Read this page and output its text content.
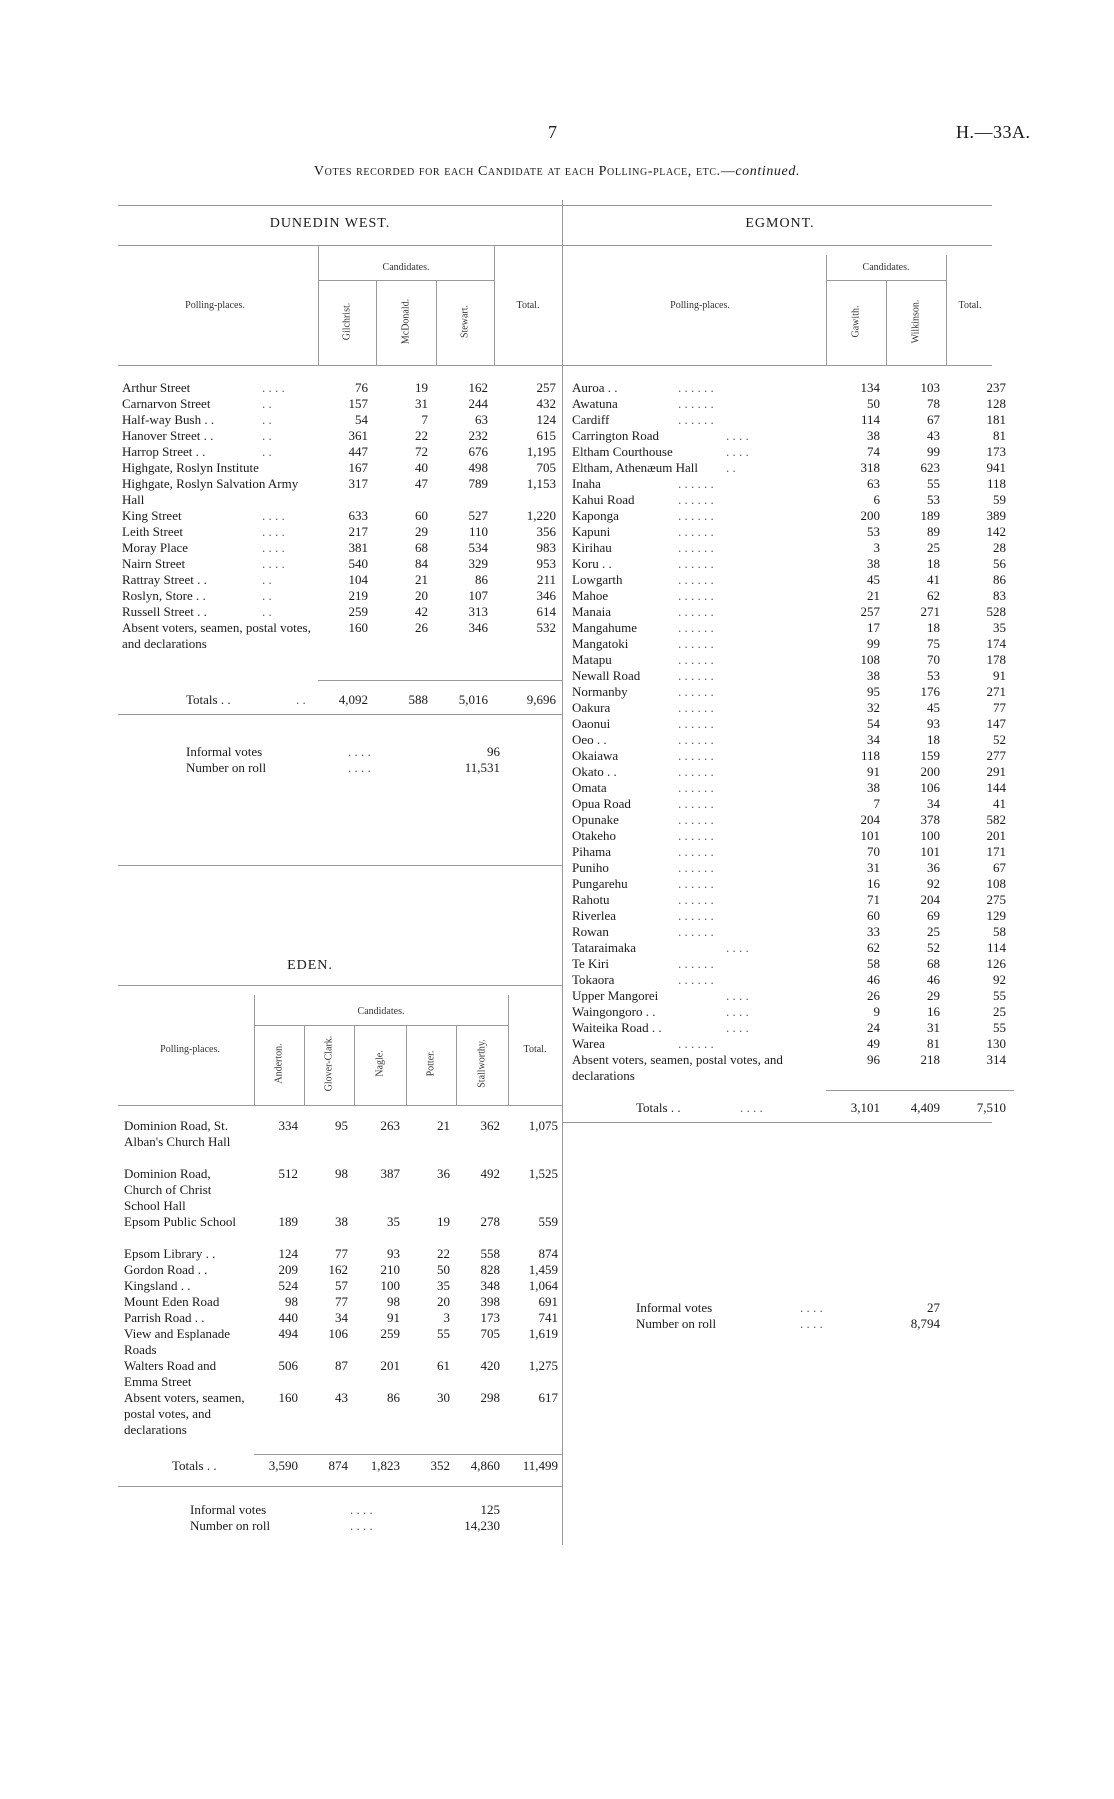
7	H.—33A.
Votes recorded for each Candidate at each Polling-place, etc.—continued.
DUNEDIN WEST.
Candidates.
Polling-places.	Total.
Gilchrist.	McDonald.	Stewart.
Arthur Street	. . . .	76	19	162	257
Carnarvon Street	. .	157	31	244	432
Half-way Bush . .	. .	54	7	63	124
Hanover Street . .	. .	361	22	232	615
Harrop Street . .	. .	447	72	676	1,195
Highgate, Roslyn Institute	167	40	498	705
Highgate, Roslyn Salvation Army Hall
317	47	789	1,153
King Street	. . . .	633	60	527	1,220
Leith Street	. . . .	217	29	110	356
Moray Place	. . . .	381	68	534	983
Nairn Street	. . . .	540	84	329	953
Rattray Street . .	. .	104	21	86	211
Roslyn, Store . .	. .	219	20	107	346
Russell Street . .	. .	259	42	313	614
Absent voters, seamen, postal votes, and declarations
160	26	346	532
Totals . .	. .	4,092	588	5,016	9,696
Informal votes	. . . .	96
Number on roll	. . . .	11,531
EGMONT.
Candidates.
Polling-places.	Total.
Gawith.	Wilkinson.
Auroa . .	. . . . . .	134	103	237
Awatuna	. . . . . .	50	78	128
Cardiff	. . . . . .	114	67	181
Carrington Road	. . . .	38	43	81
Eltham Courthouse	. . . .	74	99	173
Eltham, Athenæum Hall	. .	318	623	941
Inaha	. . . . . .	63	55	118
Kahui Road	. . . . . .	6	53	59
Kaponga	. . . . . .	200	189	389
Kapuni	. . . . . .	53	89	142
Kirihau	. . . . . .	3	25	28
Koru . .	. . . . . .	38	18	56
Lowgarth	. . . . . .	45	41	86
Mahoe	. . . . . .	21	62	83
Manaia	. . . . . .	257	271	528
Mangahume	. . . . . .	17	18	35
Mangatoki	. . . . . .	99	75	174
Matapu	. . . . . .	108	70	178
Newall Road	. . . . . .	38	53	91
Normanby	. . . . . .	95	176	271
Oakura	. . . . . .	32	45	77
Oaonui	. . . . . .	54	93	147
Oeo . .	. . . . . .	34	18	52
Okaiawa	. . . . . .	118	159	277
Okato . .	. . . . . .	91	200	291
Omata	. . . . . .	38	106	144
Opua Road	. . . . . .	7	34	41
Opunake	. . . . . .	204	378	582
Otakeho	. . . . . .	101	100	201
Pihama	. . . . . .	70	101	171
Puniho	. . . . . .	31	36	67
Pungarehu	. . . . . .	16	92	108
Rahotu	. . . . . .	71	204	275
Riverlea	. . . . . .	60	69	129
Rowan	. . . . . .	33	25	58
Tataraimaka	. . . .	62	52	114
Te Kiri	. . . . . .	58	68	126
Tokaora	. . . . . .	46	46	92
Upper Mangorei	. . . .	26	29	55
Waingongoro . .	. . . .	9	16	25
Waiteika Road . .	. . . .	24	31	55
Warea	. . . . . .	49	81	130
Absent voters, seamen, postal votes, and declarations
96	218	314
Totals . .	. . . .	3,101	4,409	7,510
Informal votes	. . . .	27
Number on roll	. . . .	8,794
EDEN.
Candidates.
Polling-places.	Total.
Anderton.	Glover-Clark.	Nagle.	Potter.	Stallworthy.
Dominion Road, St. Alban's Church Hall
334	95	263	21	362	1,075
Dominion Road, Church of Christ School Hall
512	98	387	36	492	1,525
Epsom Public School	189	38	35	19	278	559
Epsom Library . .	124	77	93	22	558	874
Gordon Road . .	209	162	210	50	828	1,459
Kingsland . .	524	57	100	35	348	1,064
Mount Eden Road	98	77	98	20	398	691
Parrish Road . .	440	34	91	3	173	741
View and Esplanade Roads
494	106	259	55	705	1,619
Walters Road and Emma Street
506	87	201	61	420	1,275
Absent voters, seamen, postal votes, and declarations
160	43	86	30	298	617
Totals . .	3,590	874	1,823	352	4,860	11,499
Informal votes	. . . .	125
Number on roll	. . . .	14,230
